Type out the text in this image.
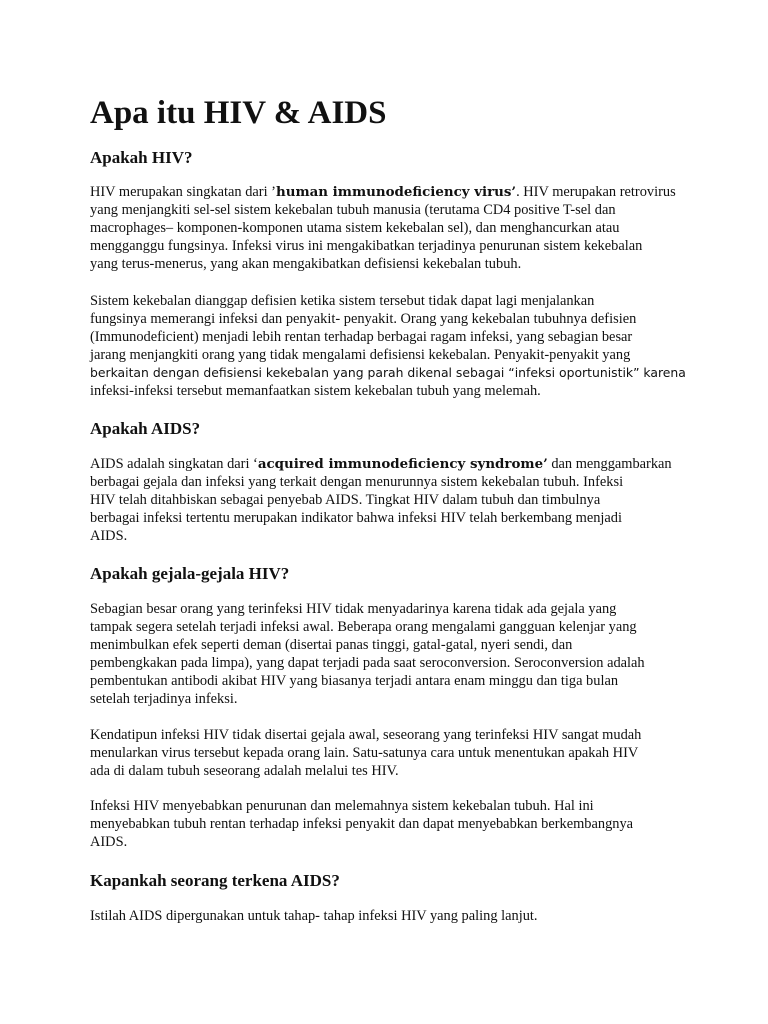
Apa itu HIV & AIDS
Apakah HIV?

HIV merupakan singkatan dari ’human immunodeficiency virus’. HIV merupakan retrovirus
yang menjangkiti sel-sel sistem kekebalan tubuh manusia (terutama CD4 positive T-sel dan
macrophages– komponen-komponen utama sistem kekebalan sel), dan menghancurkan atau
mengganggu fungsinya. Infeksi virus ini mengakibatkan terjadinya penurunan sistem kekebalan
yang terus-menerus, yang akan mengakibatkan defisiensi kekebalan tubuh.

Sistem kekebalan dianggap defisien ketika sistem tersebut tidak dapat lagi menjalankan
fungsinya memerangi infeksi dan penyakit- penyakit. Orang yang kekebalan tubuhnya defisien
(Immunodeficient) menjadi lebih rentan terhadap berbagai ragam infeksi, yang sebagian besar
jarang menjangkiti orang yang tidak mengalami defisiensi kekebalan. Penyakit-penyakit yang
berkaitan dengan defisiensi kekebalan yang parah dikenal sebagai “infeksi oportunistik” karena
infeksi-infeksi tersebut memanfaatkan sistem kekebalan tubuh yang melemah.

Apakah AIDS?

AIDS adalah singkatan dari ‘acquired immunodeficiency syndrome’ dan menggambarkan
berbagai gejala dan infeksi yang terkait dengan menurunnya sistem kekebalan tubuh. Infeksi
HIV telah ditahbiskan sebagai penyebab AIDS. Tingkat HIV dalam tubuh dan timbulnya
berbagai infeksi tertentu merupakan indikator bahwa infeksi HIV telah berkembang menjadi
AIDS.

Apakah gejala-gejala HIV?

Sebagian besar orang yang terinfeksi HIV tidak menyadarinya karena tidak ada gejala yang
tampak segera setelah terjadi infeksi awal. Beberapa orang mengalami gangguan kelenjar yang
menimbulkan efek seperti deman (disertai panas tinggi, gatal-gatal, nyeri sendi, dan
pembengkakan pada limpa), yang dapat terjadi pada saat seroconversion. Seroconversion adalah
pembentukan antibodi akibat HIV yang biasanya terjadi antara enam minggu dan tiga bulan
setelah terjadinya infeksi.

Kendatipun infeksi HIV tidak disertai gejala awal, seseorang yang terinfeksi HIV sangat mudah
menularkan virus tersebut kepada orang lain. Satu-satunya cara untuk menentukan apakah HIV
ada di dalam tubuh seseorang adalah melalui tes HIV.

Infeksi HIV menyebabkan penurunan dan melemahnya sistem kekebalan tubuh. Hal ini
menyebabkan tubuh rentan terhadap infeksi penyakit dan dapat menyebabkan berkembangnya
AIDS.

Kapankah seorang terkena AIDS?

Istilah AIDS dipergunakan untuk tahap- tahap infeksi HIV yang paling lanjut.
